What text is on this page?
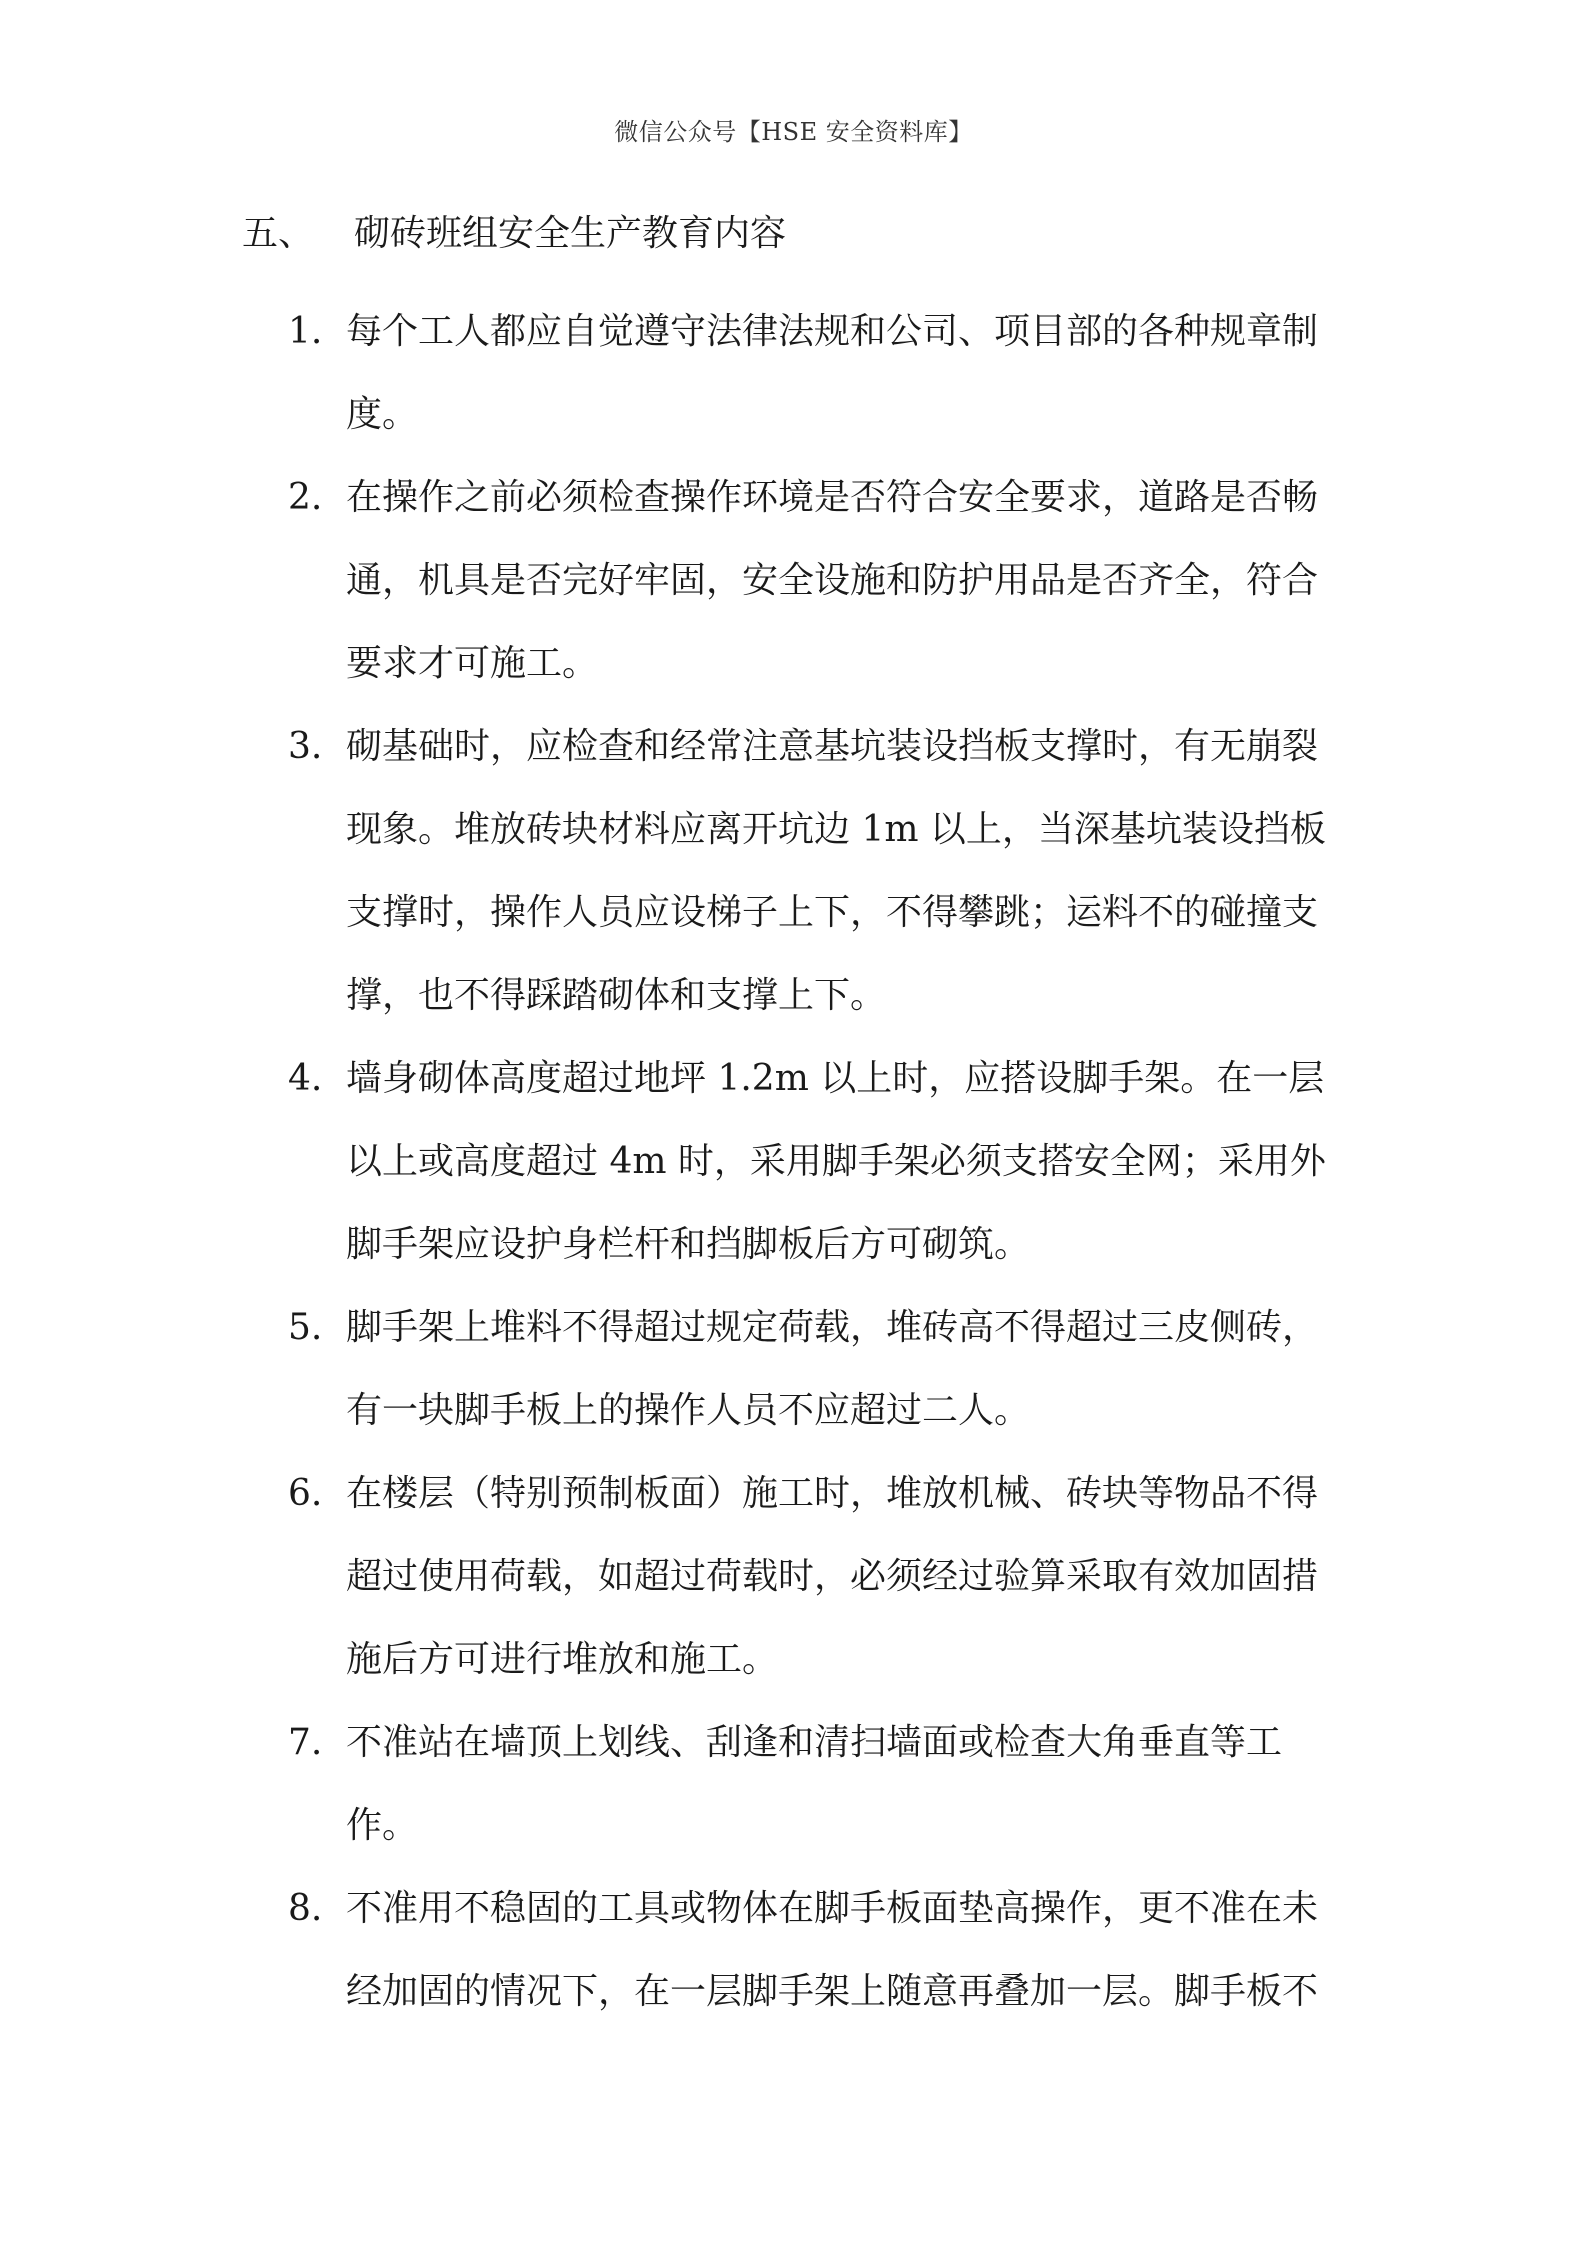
微信公众号【HSE 安全资料库】
五、 砌砖班组安全生产教育内容
1. 每个工人都应自觉遵守法律法规和公司、项目部的各种规章制
度。
2. 在操作之前必须检查操作环境是否符合安全要求，道路是否畅
通，机具是否完好牢固，安全设施和防护用品是否齐全，符合
要求才可施工。
3. 砌基础时，应检查和经常注意基坑装设挡板支撑时，有无崩裂
现象。堆放砖块材料应离开坑边 1m 以上，当深基坑装设挡板
支撑时，操作人员应设梯子上下，不得攀跳；运料不的碰撞支
撑，也不得踩踏砌体和支撑上下。
4. 墙身砌体高度超过地坪 1.2m 以上时，应搭设脚手架。在一层
以上或高度超过 4m 时，采用脚手架必须支搭安全网；采用外
脚手架应设护身栏杆和挡脚板后方可砌筑。
5. 脚手架上堆料不得超过规定荷载，堆砖高不得超过三皮侧砖，
有一块脚手板上的操作人员不应超过二人。
6. 在楼层（特别预制板面）施工时，堆放机械、砖块等物品不得
超过使用荷载，如超过荷载时，必须经过验算采取有效加固措
施后方可进行堆放和施工。
7. 不准站在墙顶上划线、刮逢和清扫墙面或检查大角垂直等工
作。
8. 不准用不稳固的工具或物体在脚手板面垫高操作，更不准在未
经加固的情况下，在一层脚手架上随意再叠加一层。脚手板不
